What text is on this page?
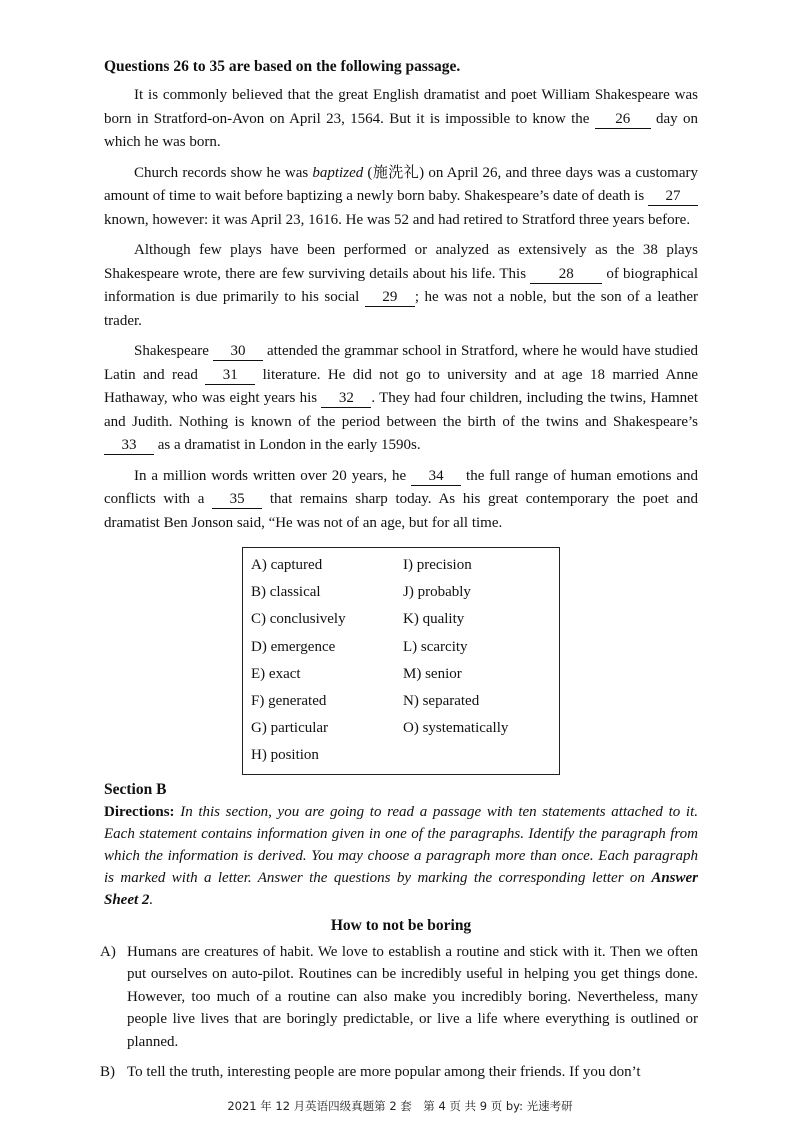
Questions 26 to 35 are based on the following passage.

It is commonly believed that the great English dramatist and poet William Shakespeare was born in Stratford-on-Avon on April 23, 1564. But it is impossible to know the 26 day on which he was born.

Church records show he was baptized (施洗礼) on April 26, and three days was a customary amount of time to wait before baptizing a newly born baby. Shakespeare’s date of death is 27 known, however: it was April 23, 1616. He was 52 and had retired to Stratford three years before.

Although few plays have been performed or analyzed as extensively as the 38 plays Shakespeare wrote, there are few surviving details about his life. This 28 of biographical information is due primarily to his social 29 ; he was not a noble, but the son of a leather trader.

Shakespeare 30 attended the grammar school in Stratford, where he would have studied Latin and read 31 literature. He did not go to university and at age 18 married Anne Hathaway, who was eight years his 32 . They had four children, including the twins, Hamnet and Judith. Nothing is known of the period between the birth of the twins and Shakespeare’s 33 as a dramatist in London in the early 1590s.

In a million words written over 20 years, he 34 the full range of human emotions and conflicts with a 35 that remains sharp today. As his great contemporary the poet and dramatist Ben Jonson said, “He was not of an age, but for all time.

A) captured	I) precision
B) classical	J) probably
C) conclusively	K) quality
D) emergence	L) scarcity
E) exact	M) senior
F) generated	N) separated
G) particular	O) systematically
H) position	

Section B

Directions: In this section, you are going to read a passage with ten statements attached to it. Each statement contains information given in one of the paragraphs. Identify the paragraph from which the information is derived. You may choose a paragraph more than once. Each paragraph is marked with a letter. Answer the questions by marking the corresponding letter on Answer Sheet 2.

How to not be boring

A) Humans are creatures of habit. We love to establish a routine and stick with it. Then we often put ourselves on auto-pilot. Routines can be incredibly useful in helping you get things done. However, too much of a routine can also make you incredibly boring. Nevertheless, many people live lives that are boringly predictable, or live a life where everything is outlined or planned.
B) To tell the truth, interesting people are more popular among their friends. If you don’t
2021 年 12 月英语四级真题第 2 套　第 4 页 共 9 页 by: 光速考研
